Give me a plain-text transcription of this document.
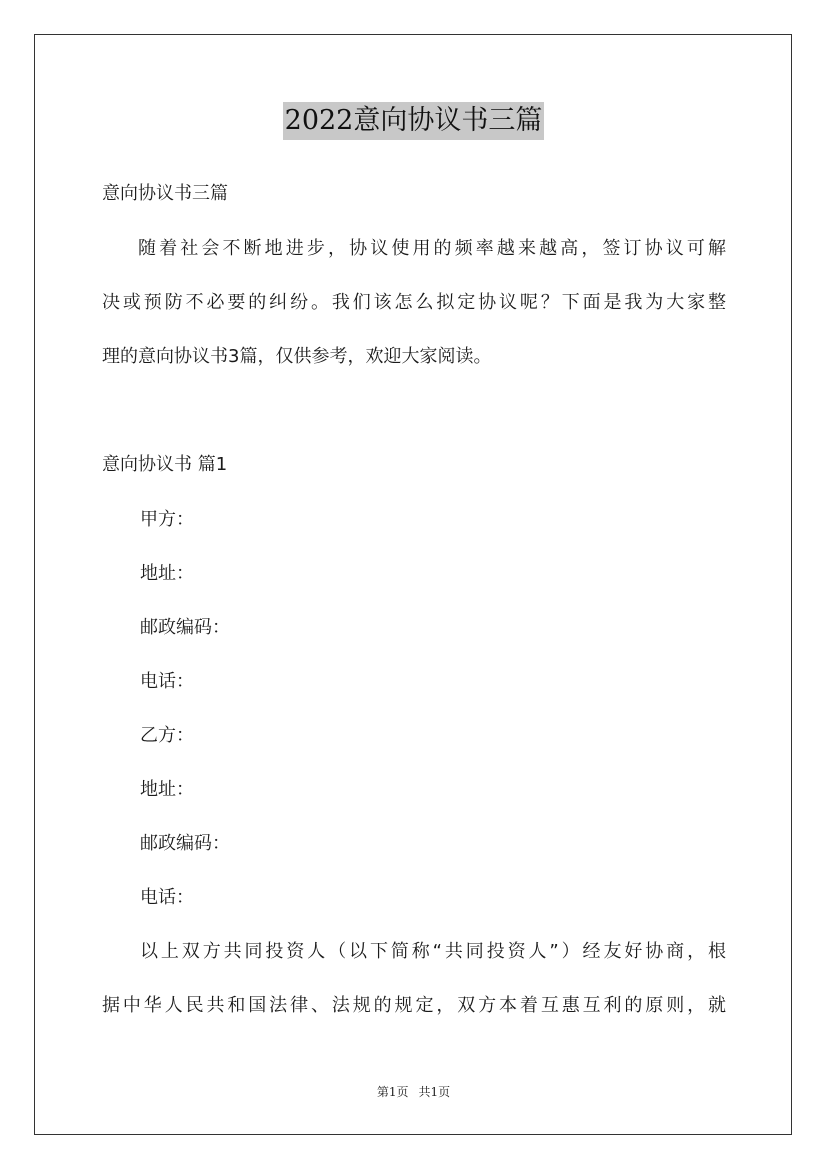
2022意向协议书三篇
意向协议书三篇
随着社会不断地进步，协议使用的频率越来越高，签订协议可解
决或预防不必要的纠纷。我们该怎么拟定协议呢？下面是我为大家整
理的意向协议书3篇，仅供参考，欢迎大家阅读。
意向协议书 篇1
甲方：
地址：
邮政编码：
电话：
乙方：
地址：
邮政编码：
电话：
以上双方共同投资人（以下简称“共同投资人”）经友好协商，根
据中华人民共和国法律、法规的规定，双方本着互惠互利的原则，就
第1页 共1页
